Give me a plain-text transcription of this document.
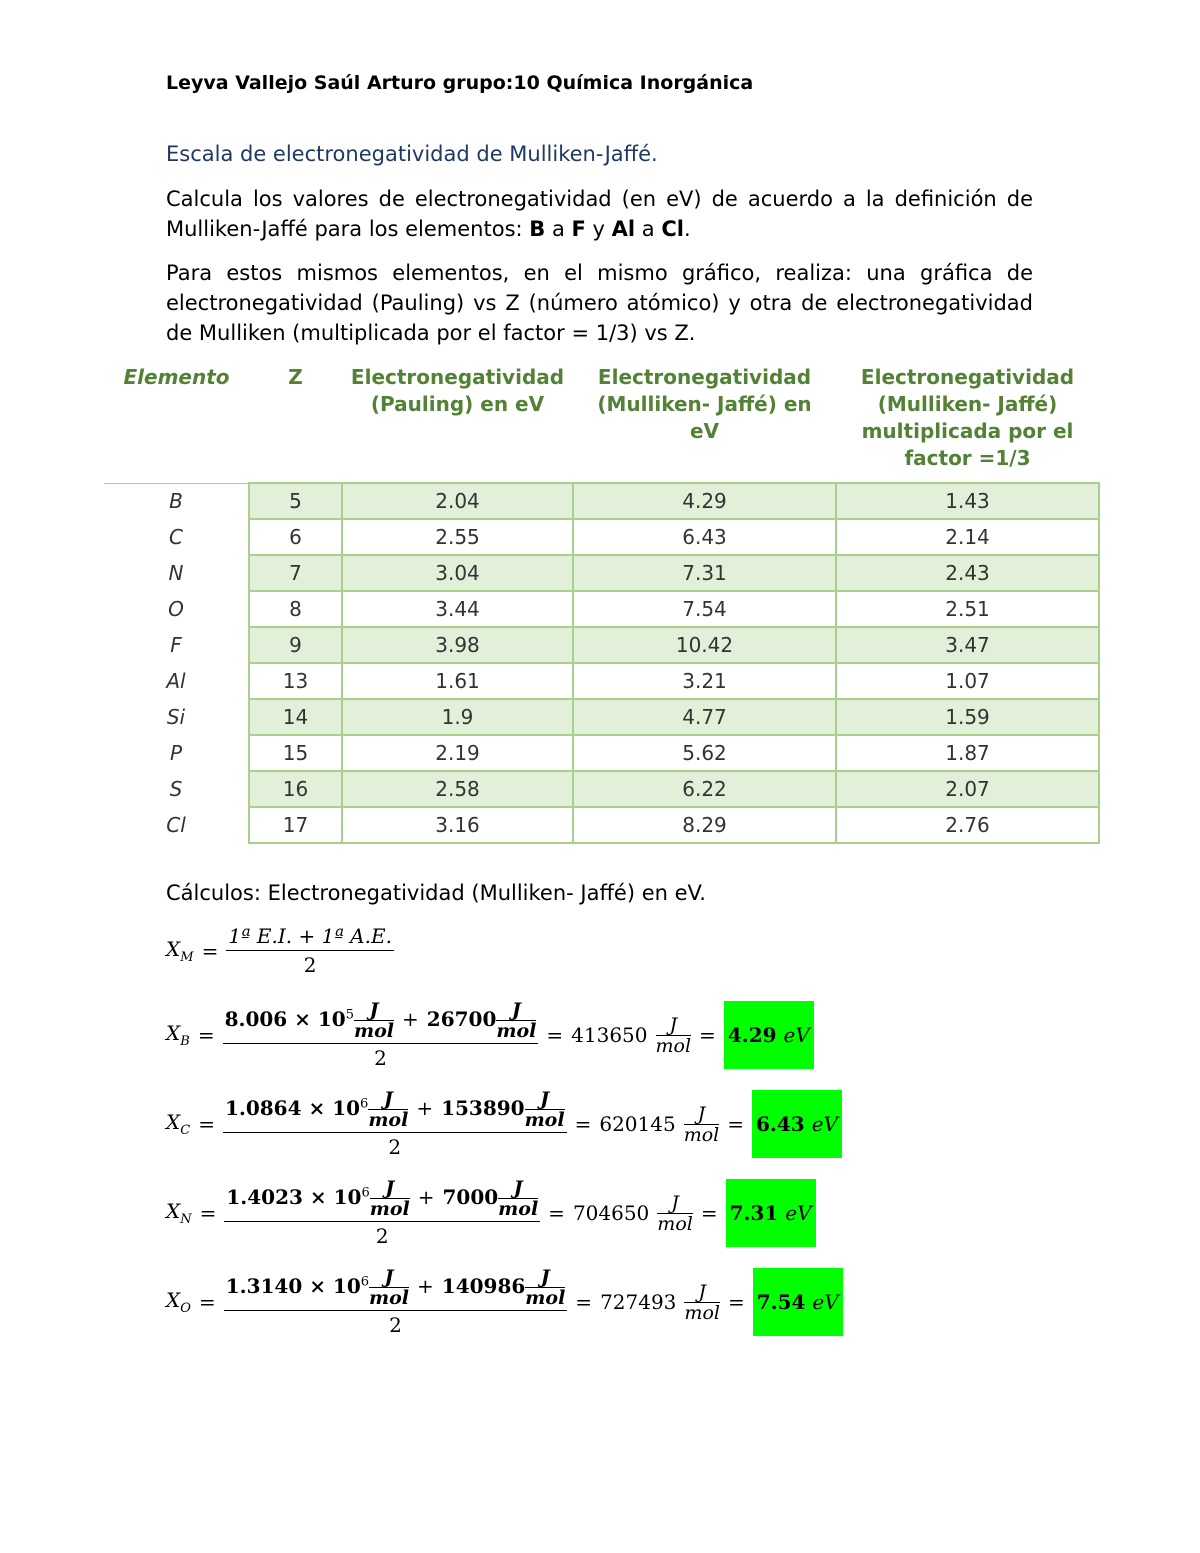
Leyva Vallejo Saúl Arturo grupo:10 Química Inorgánica
Escala de electronegatividad de Mulliken-Jaffé.
Calcula los valores de electronegatividad (en eV) de acuerdo a la definición de Mulliken-Jaffé para los elementos: B a F y Al a Cl.
Para estos mismos elementos, en el mismo gráfico, realiza: una gráfica de electronegatividad (Pauling) vs Z (número atómico) y otra de electronegatividad de Mulliken (multiplicada por el factor = 1/3) vs Z.
Elemento	Z	Electronegatividad (Pauling) en eV	Electronegatividad (Mulliken- Jaffé) en eV	Electronegatividad (Mulliken- Jaffé) multiplicada por el factor =1/3

B	5	2.04	4.29	1.43
C	6	2.55	6.43	2.14
N	7	3.04	7.31	2.43
O	8	3.44	7.54	2.51
F	9	3.98	10.42	3.47
Al	13	1.61	3.21	1.07
Si	14	1.9	4.77	1.59
P	15	2.19	5.62	1.87
S	16	2.58	6.22	2.07
Cl	17	3.16	8.29	2.76
Cálculos: Electronegatividad (Mulliken- Jaffé) en eV.
$X_M = \frac{\text{1ª E.I. + 1ª A.E.}}{2}$
$X_B = 8.006 \times 10^5$ J
mol + 26700 J
mol
2 = 413650	J
mol = 4.29 eV
$X_C = 1.0864 \times 10^6$ J
mol + 153890 J
mol
2 = 620145	J
mol = 6.43 eV
$X_N = 1.4023 \times 10^6$ J
mol + 7000 J
mol
2 = 704650	J
mol = 7.31 eV
$X_O = 1.3140 \times 10^6$ J
mol + 140986 J
mol
2 = 727493	J
mol = 7.54 eV
